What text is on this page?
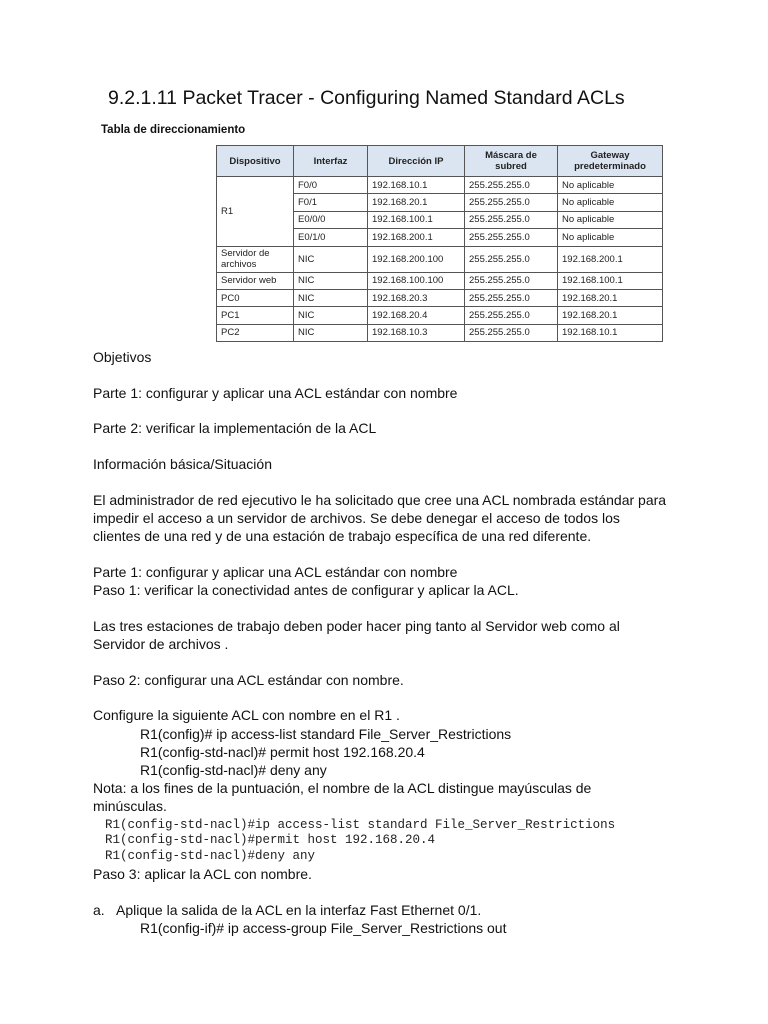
9.2.1.11 Packet Tracer - Configuring Named Standard ACLs
Tabla de direccionamiento
Dispositivo	Interfaz	Dirección IP	Máscara de subred	Gateway predeterminado
R1	F0/0	192.168.10.1	255.255.255.0	No aplicable
	F0/1	192.168.20.1	255.255.255.0	No aplicable
	E0/0/0	192.168.100.1	255.255.255.0	No aplicable
	E0/1/0	192.168.200.1	255.255.255.0	No aplicable
Servidor de archivos	NIC	192.168.200.100	255.255.255.0	192.168.200.1
Servidor web	NIC	192.168.100.100	255.255.255.0	192.168.100.1
PC0	NIC	192.168.20.3	255.255.255.0	192.168.20.1
PC1	NIC	192.168.20.4	255.255.255.0	192.168.20.1
PC2	NIC	192.168.10.3	255.255.255.0	192.168.10.1

Objetivos

Parte 1: configurar y aplicar una ACL estándar con nombre

Parte 2: verificar la implementación de la ACL

Información básica/Situación

El administrador de red ejecutivo le ha solicitado que cree una ACL nombrada estándar para

impedir el acceso a un servidor de archivos. Se debe denegar el acceso de todos los

clientes de una red y de una estación de trabajo específica de una red diferente.

Parte 1: configurar y aplicar una ACL estándar con nombre

Paso 1: verificar la conectividad antes de configurar y aplicar la ACL.

Las tres estaciones de trabajo deben poder hacer ping tanto al Servidor web como al

Servidor de archivos .

Paso 2: configurar una ACL estándar con nombre.

Configure la siguiente ACL con nombre en el R1 .

R1(config)# ip access-list standard File_Server_Restrictions

R1(config-std-nacl)# permit host 192.168.20.4

R1(config-std-nacl)# deny any

Nota: a los fines de la puntuación, el nombre de la ACL distingue mayúsculas de

minúsculas.

R1(config-std-nacl)#ip access-list standard File_Server_Restrictions
R1(config-std-nacl)#permit host 192.168.20.4
R1(config-std-nacl)#deny any

Paso 3: aplicar la ACL con nombre.

a. Aplique la salida de la ACL en la interfaz Fast Ethernet 0/1.

R1(config-if)# ip access-group File_Server_Restrictions out
